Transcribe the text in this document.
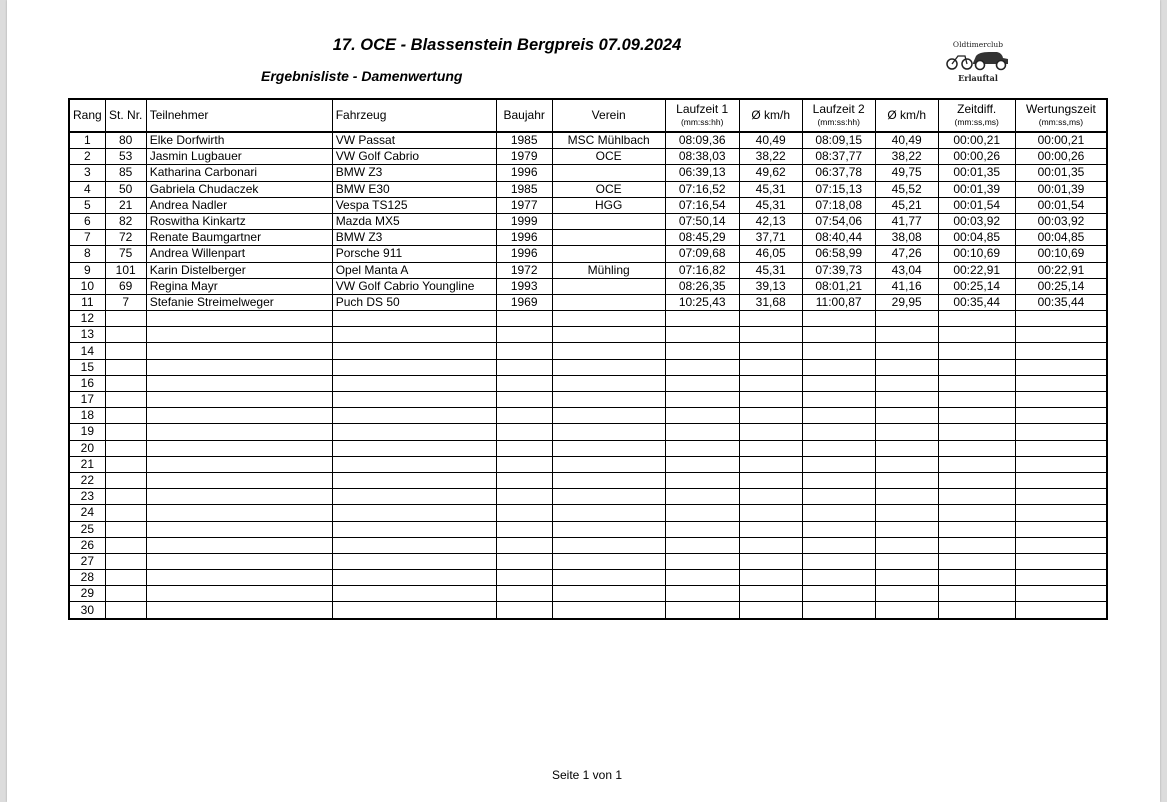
17. OCE - Blassenstein Bergpreis 07.09.2024
Ergebnisliste - Damenwertung
Oldtimerclub
Erlauftal
Rang	St. Nr.	Teilnehmer	Fahrzeug	Baujahr	Verein	Laufzeit 1
(mm:ss:hh)	Ø km/h	Laufzeit 2
(mm:ss:hh)	Ø km/h	Zeitdiff.
(mm:ss,ms)	Wertungszeit
(mm:ss,ms)

1	80	Elke Dorfwirth	VW Passat	1985	MSC Mühlbach	08:09,36	40,49	08:09,15	40,49	00:00,21	00:00,21
2	53	Jasmin Lugbauer	VW Golf Cabrio	1979	OCE	08:38,03	38,22	08:37,77	38,22	00:00,26	00:00,26
3	85	Katharina Carbonari	BMW Z3	1996		06:39,13	49,62	06:37,78	49,75	00:01,35	00:01,35
4	50	Gabriela Chudaczek	BMW E30	1985	OCE	07:16,52	45,31	07:15,13	45,52	00:01,39	00:01,39
5	21	Andrea Nadler	Vespa TS125	1977	HGG	07:16,54	45,31	07:18,08	45,21	00:01,54	00:01,54
6	82	Roswitha Kinkartz	Mazda MX5	1999		07:50,14	42,13	07:54,06	41,77	00:03,92	00:03,92
7	72	Renate Baumgartner	BMW Z3	1996		08:45,29	37,71	08:40,44	38,08	00:04,85	00:04,85
8	75	Andrea Willenpart	Porsche 911	1996		07:09,68	46,05	06:58,99	47,26	00:10,69	00:10,69
9	101	Karin Distelberger	Opel Manta A	1972	Mühling	07:16,82	45,31	07:39,73	43,04	00:22,91	00:22,91
10	69	Regina Mayr	VW Golf Cabrio Youngline	1993		08:26,35	39,13	08:01,21	41,16	00:25,14	00:25,14
11	7	Stefanie Streimelweger	Puch DS 50	1969		10:25,43	31,68	11:00,87	29,95	00:35,44	00:35,44
12											
13											
14											
15											
16											
17											
18											
19											
20											
21											
22											
23											
24											
25											
26											
27											
28											
29											
30											
Seite 1 von 1
